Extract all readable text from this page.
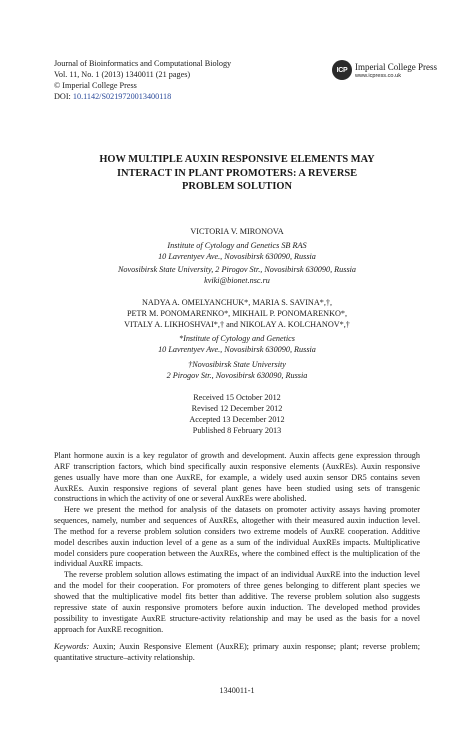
Journal of Bioinformatics and Computational Biology
Vol. 11, No. 1 (2013) 1340011 (21 pages)
© Imperial College Press
DOI: 10.1142/S0219720013400118
ICP Imperial College Press
www.icpress.co.uk
HOW MULTIPLE AUXIN RESPONSIVE ELEMENTS MAY
INTERACT IN PLANT PROMOTERS: A REVERSE
PROBLEM SOLUTION
VICTORIA V. MIRONOVA
Institute of Cytology and Genetics SB RAS
10 Lavrentyev Ave., Novosibirsk 630090, Russia
Novosibirsk State University, 2 Pirogov Str., Novosibirsk 630090, Russia
kviki@bionet.nsc.ru
NADYA A. OMELYANCHUK*, MARIA S. SAVINA*,†,
PETR M. PONOMARENKO*, MIKHAIL P. PONOMARENKO*,
VITALY A. LIKHOSHVAI*,† and NIKOLAY A. KOLCHANOV*,†
*Institute of Cytology and Genetics
10 Lavrentyev Ave., Novosibirsk 630090, Russia
†Novosibirsk State University
2 Pirogov Str., Novosibirsk 630090, Russia
Received 15 October 2012
Revised 12 December 2012
Accepted 13 December 2012
Published 8 February 2013

Plant hormone auxin is a key regulator of growth and development. Auxin affects gene expression through ARF transcription factors, which bind specifically auxin responsive elements (AuxREs). Auxin responsive genes usually have more than one AuxRE, for example, a widely used auxin sensor DR5 contains seven AuxREs. Auxin responsive regions of several plant genes have been studied using sets of transgenic constructions in which the activity of one or several AuxREs were abolished.

Here we present the method for analysis of the datasets on promoter activity assays having promoter sequences, namely, number and sequences of AuxREs, altogether with their measured auxin induction level. The method for a reverse problem solution considers two extreme models of AuxRE cooperation. Additive model describes auxin induction level of a gene as a sum of the individual AuxREs impacts. Multiplicative model considers pure cooperation between the AuxREs, where the combined effect is the multiplication of the individual AuxRE impacts.

The reverse problem solution allows estimating the impact of an individual AuxRE into the induction level and the model for their cooperation. For promoters of three genes belonging to different plant species we showed that the multiplicative model fits better than additive. The reverse problem solution also suggests repressive state of auxin responsive promoters before auxin induction. The developed method provides possibility to investigate AuxRE structure-activity relationship and may be used as the basis for a novel approach for AuxRE recognition.

Keywords: Auxin; Auxin Responsive Element (AuxRE); primary auxin response; plant; reverse problem; quantitative structure–activity relationship.
1340011-1
